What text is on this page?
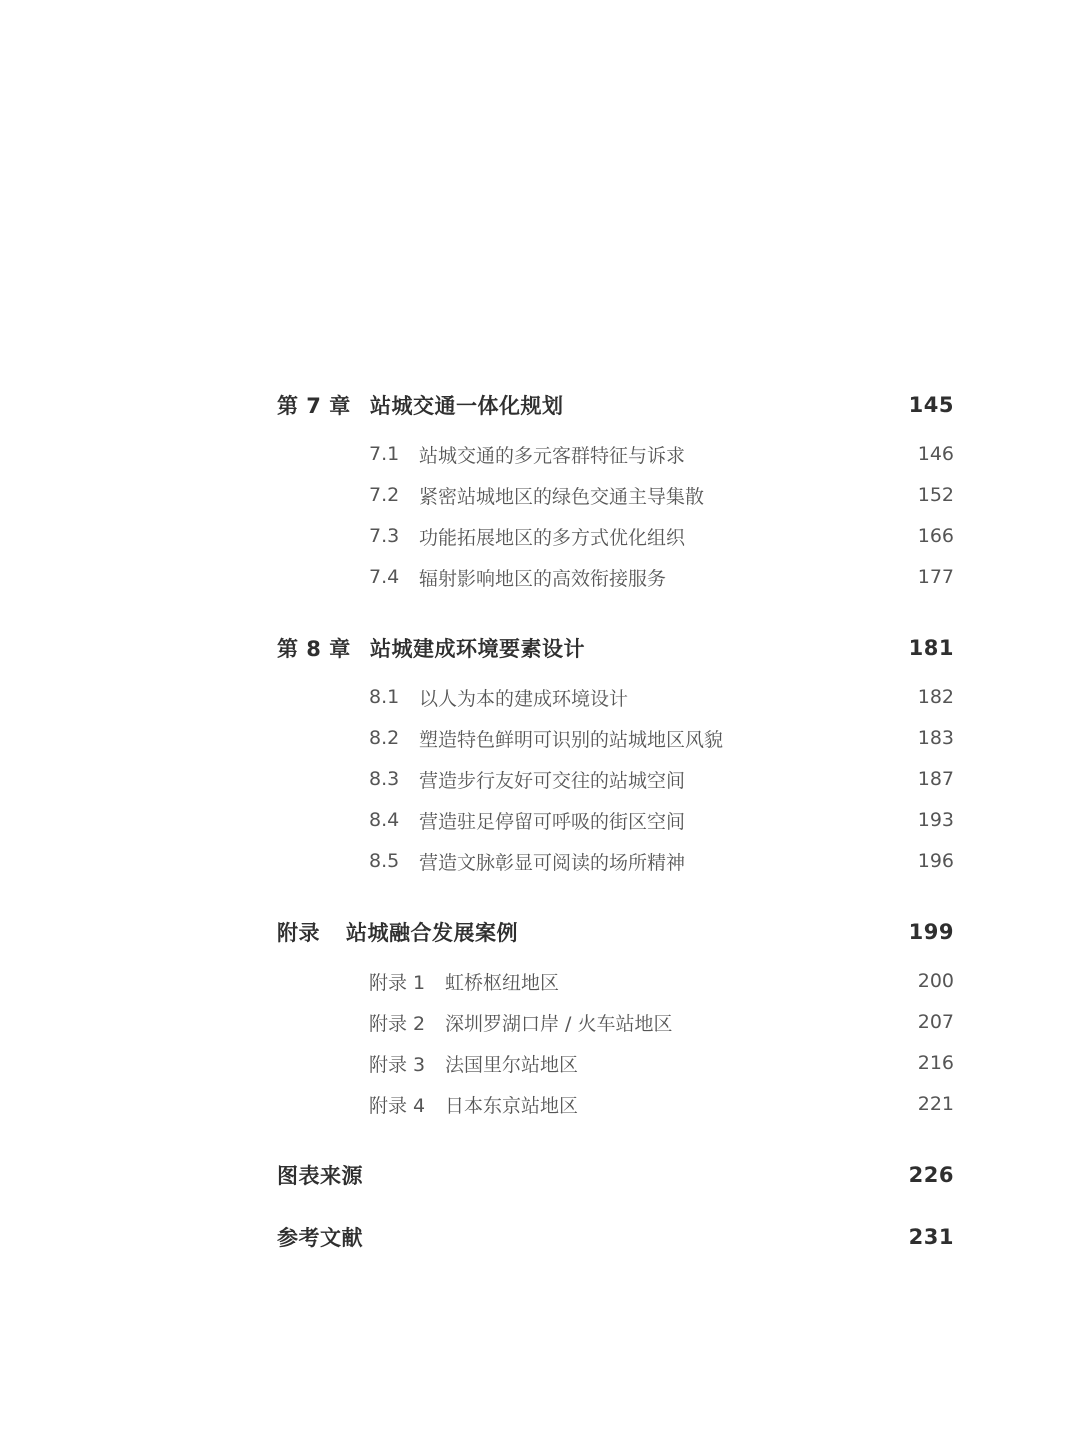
第 7 章 站城交通一体化规划	145
7.1	站城交通的多元客群特征与诉求	146
7.2	紧密站城地区的绿色交通主导集散	152
7.3	功能拓展地区的多方式优化组织	166
7.4	辐射影响地区的高效衔接服务	177
第 8 章 站城建成环境要素设计	181
8.1	以人为本的建成环境设计	182
8.2	塑造特色鲜明可识别的站城地区风貌	183
8.3	营造步行友好可交往的站城空间	187
8.4	营造驻足停留可呼吸的街区空间	193
8.5	营造文脉彰显可阅读的场所精神	196
附录	站城融合发展案例	199
附录 1	虹桥枢纽地区	200
附录 2	深圳罗湖口岸 / 火车站地区	207
附录 3	法国里尔站地区	216
附录 4	日本东京站地区	221
图表来源	226
参考文献	231
